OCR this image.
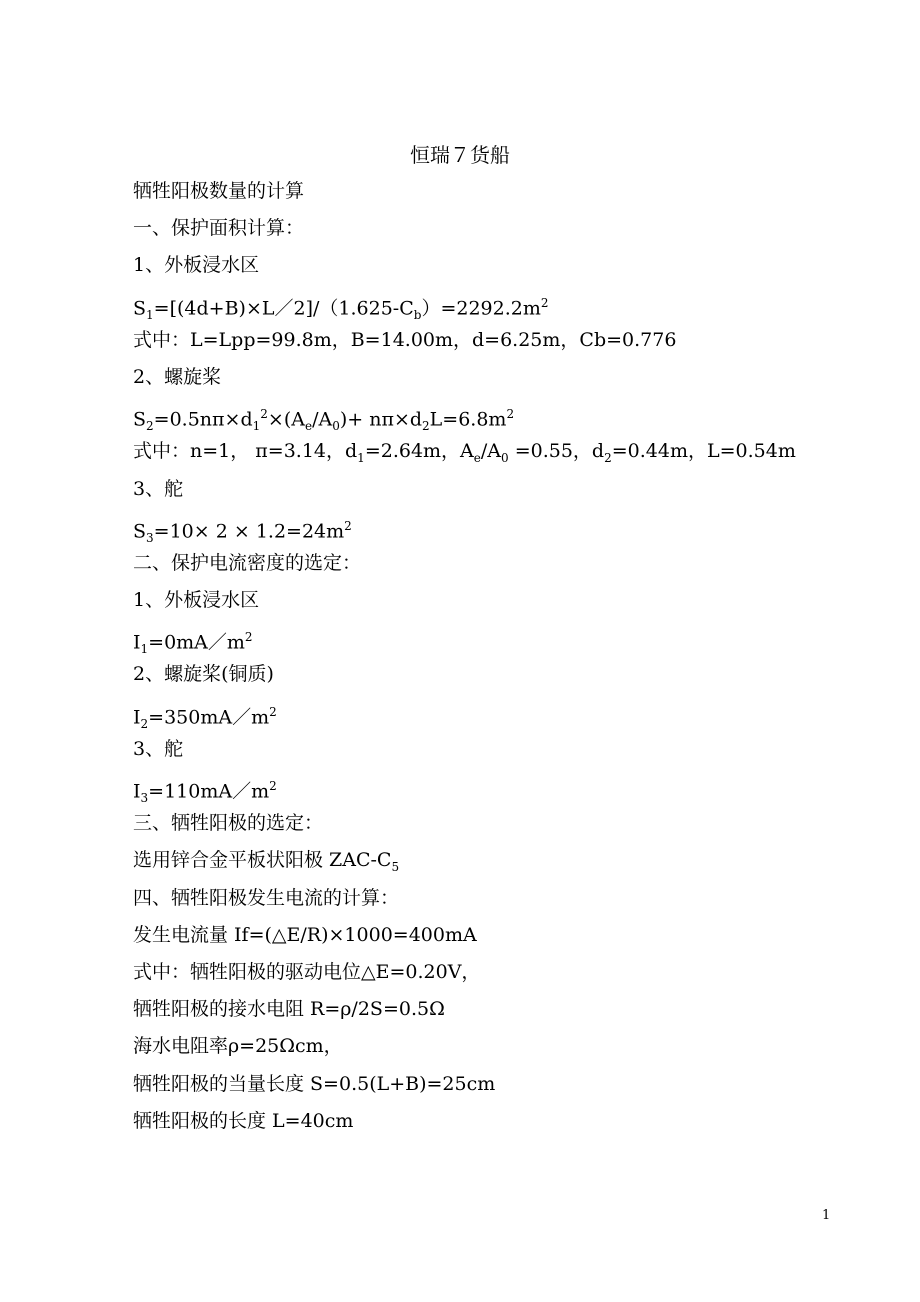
恒瑞７货船
牺牲阳极数量的计算
一、保护面积计算：
1、外板浸水区
$S_1=[(4d+B)\times L/2]/(1.625-C_b)=2292.2m^2$
式中：L=Lpp=99.8m，B=14.00m，d=6.25m，Cb=0.776
2、螺旋桨
$S_2=0.5n\pi\times d_1^2\times(A_e/A_0)+ n\pi\times d_2L=6.8m^2$
式中：n=1， π=3.14，$d_1=2.64m$，$A_e/A_0 =0.55$，$d_2=0.44m$，L=0.54m
3、舵
$S_3=10\times 2 \times 1.2=24m^2$
二、保护电流密度的选定：
1、外板浸水区
$I_1=0mA/m^2$
2、螺旋桨(铜质)
$I_2=350mA/m^2$
3、舵
$I_3=110mA/m^2$
三、牺牲阳极的选定：
选用锌合金平板状阳极 ZAC-$C_5$
四、牺牲阳极发生电流的计算：
发生电流量 If=(△E/R)×1000=400mA
式中：牺牲阳极的驱动电位△E=0.20V，
牺牲阳极的接水电阻 R=ρ/2S=0.5Ω
海水电阻率ρ=25Ωcm，
牺牲阳极的当量长度 S=0.5(L+B)=25cm
牺牲阳极的长度 L=40cm
1
